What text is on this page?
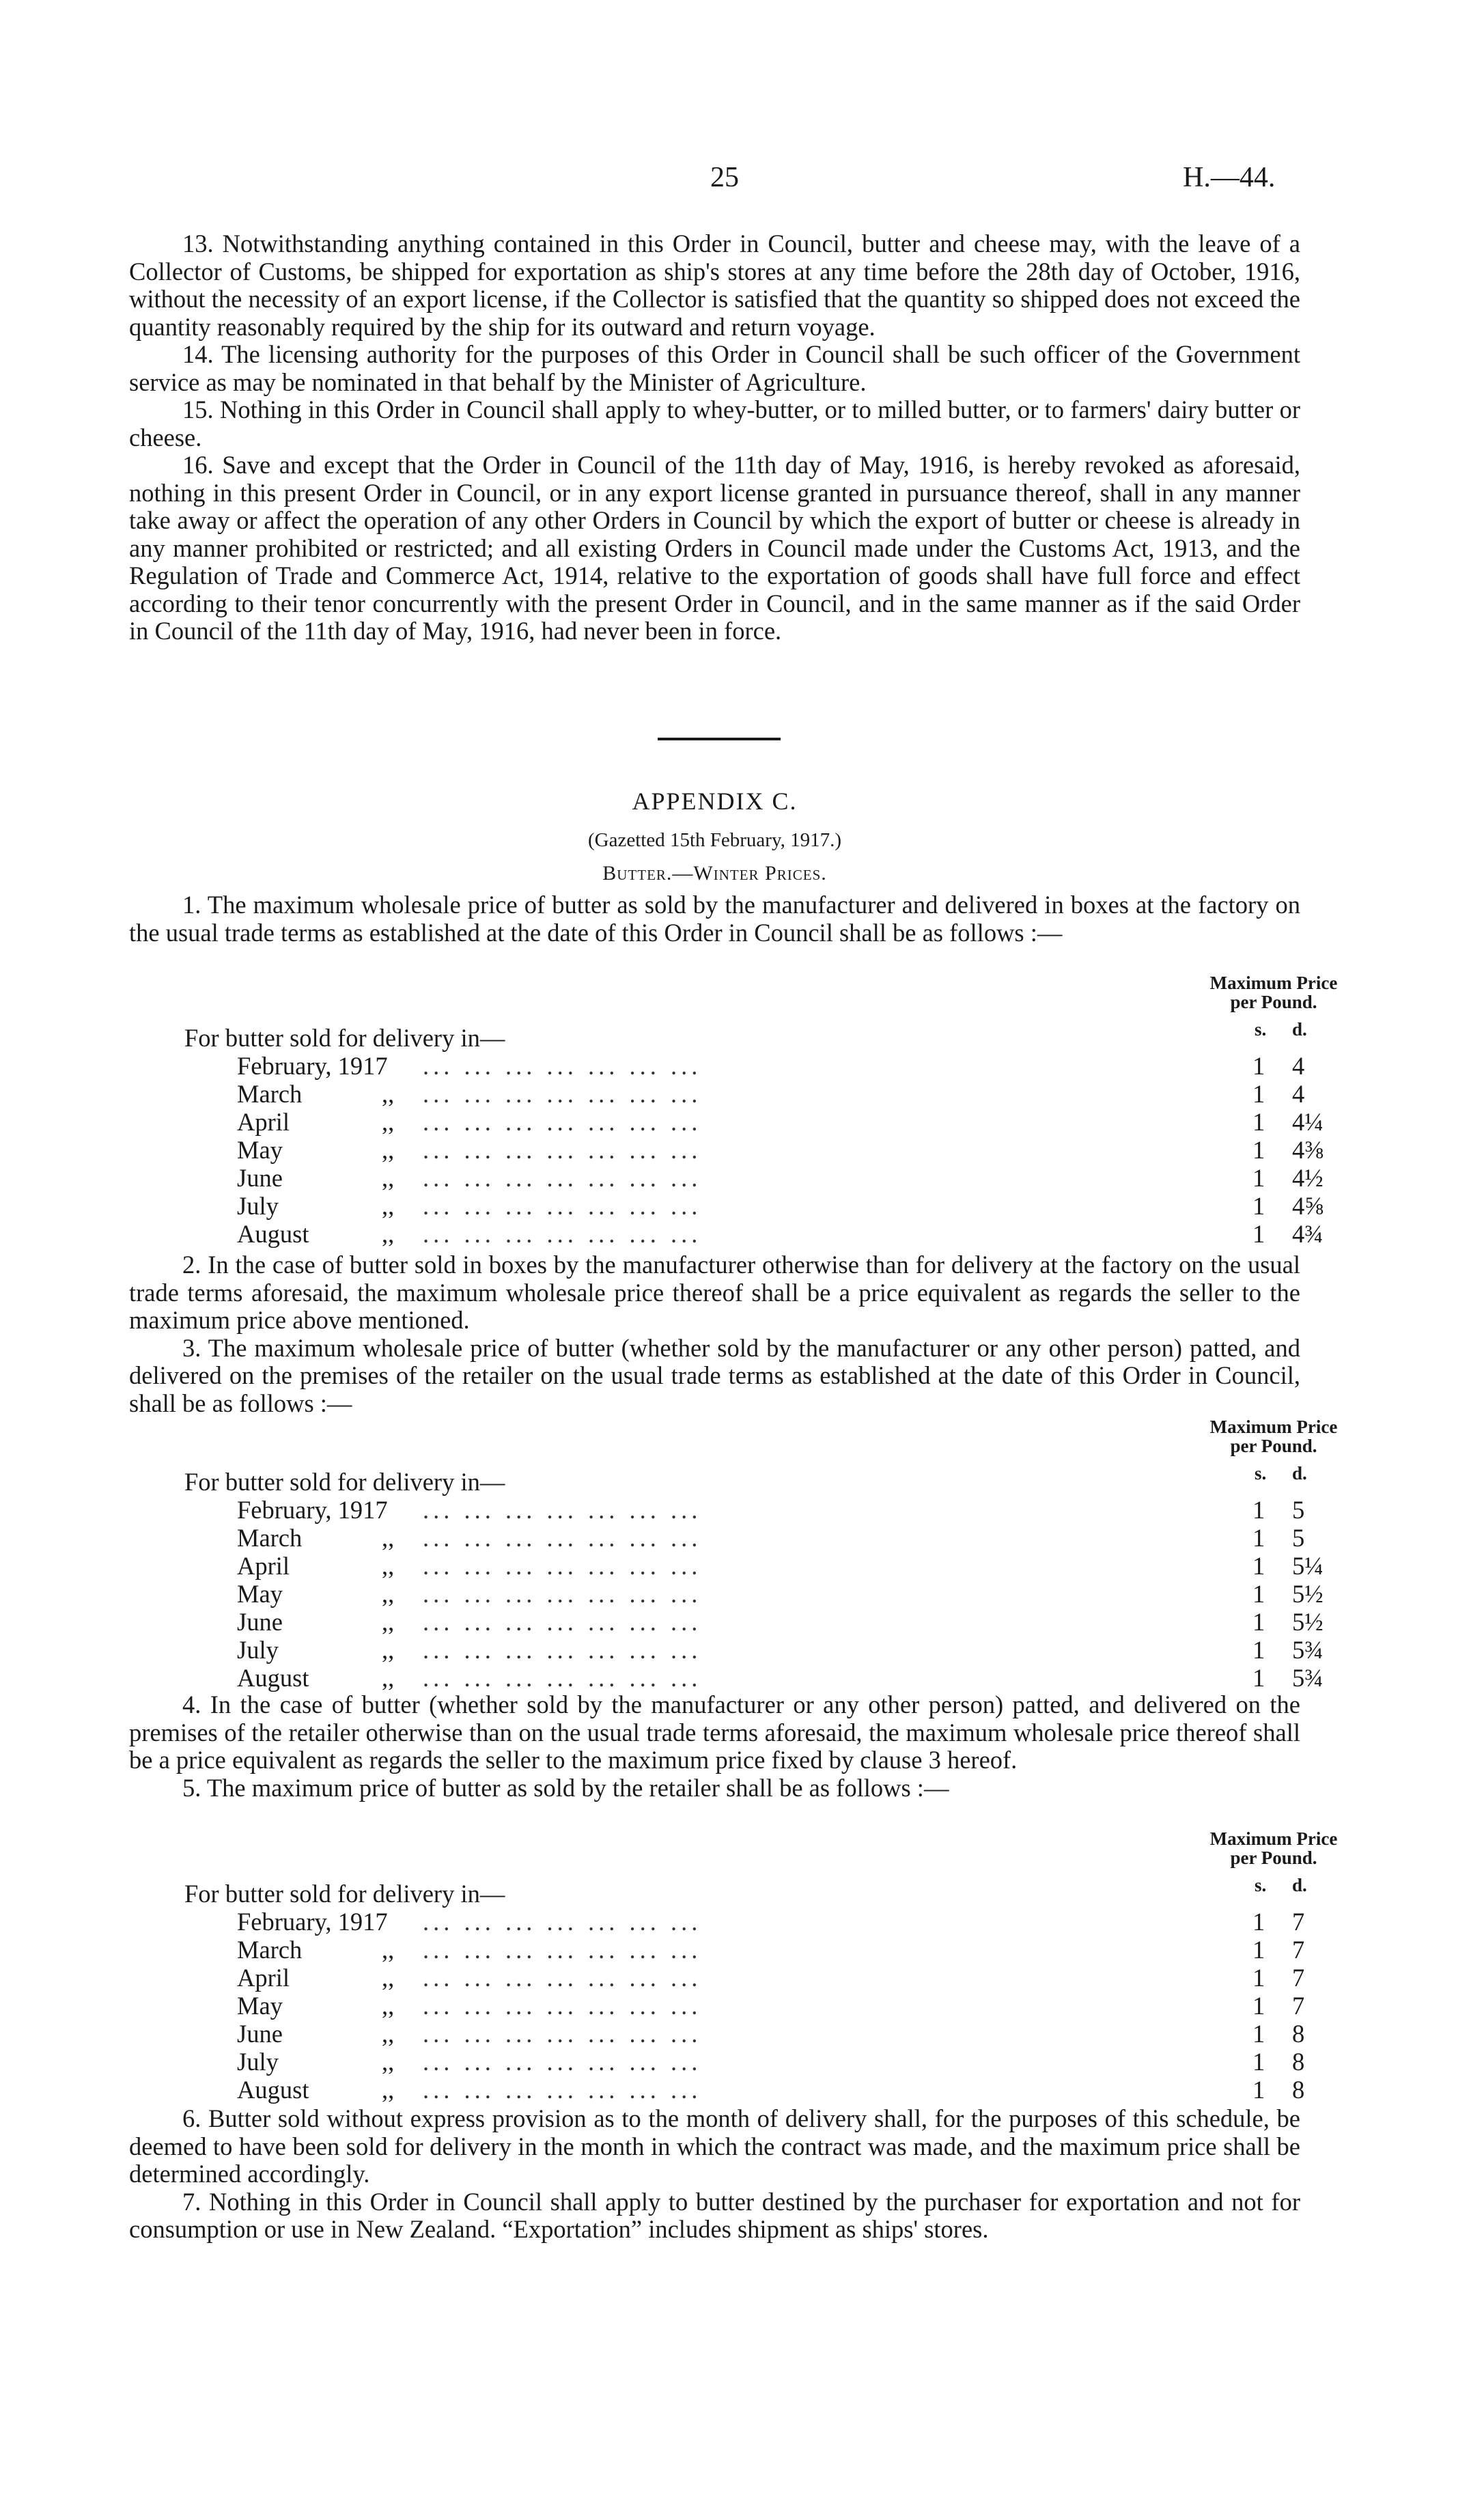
25	H.—44.

13. Notwithstanding anything contained in this Order in Council, butter and cheese may, with the leave of a Collector of Customs, be shipped for exportation as ship's stores at any time before the 28th day of October, 1916, without the necessity of an export license, if the Collector is satisfied that the quantity so shipped does not exceed the quantity reasonably required by the ship for its outward and return voyage.

14. The licensing authority for the purposes of this Order in Council shall be such officer of the Government service as may be nominated in that behalf by the Minister of Agriculture.

15. Nothing in this Order in Council shall apply to whey-butter, or to milled butter, or to farmers' dairy butter or cheese.

16. Save and except that the Order in Council of the 11th day of May, 1916, is hereby revoked as aforesaid, nothing in this present Order in Council, or in any export license granted in pursuance thereof, shall in any manner take away or affect the operation of any other Orders in Council by which the export of butter or cheese is already in any manner prohibited or restricted; and all existing Orders in Council made under the Customs Act, 1913, and the Regulation of Trade and Commerce Act, 1914, relative to the exportation of goods shall have full force and effect according to their tenor concurrently with the present Order in Council, and in the same manner as if the said Order in Council of the 11th day of May, 1916, had never been in force.

APPENDIX C.
(Gazetted 15th February, 1917.)
Butter.—Winter Prices.

1. The maximum wholesale price of butter as sold by the manufacturer and delivered in boxes at the factory on the usual trade terms as established at the date of this Order in Council shall be as follows :—

Maximum Price
per Pound.
s. d.
For butter sold for delivery in—
February, 1917 ... ... ... ... ... ... ...	1 4
March	,, ... ... ... ... ... ... ...	1 4
April	,, ... ... ... ... ... ... ...	1 4¼
May	,, ... ... ... ... ... ... ...	1 4⅜
June	,, ... ... ... ... ... ... ...	1 4½
July	,, ... ... ... ... ... ... ...	1 4⅝
August	,, ... ... ... ... ... ... ...	1 4¾

2. In the case of butter sold in boxes by the manufacturer otherwise than for delivery at the factory on the usual trade terms aforesaid, the maximum wholesale price thereof shall be a price equivalent as regards the seller to the maximum price above mentioned.

3. The maximum wholesale price of butter (whether sold by the manufacturer or any other person) patted, and delivered on the premises of the retailer on the usual trade terms as established at the date of this Order in Council, shall be as follows :—

Maximum Price
per Pound.
s. d.
For butter sold for delivery in—
February, 1917 ... ... ... ... ... ... ...	1 5
March	,, ... ... ... ... ... ... ...	1 5
April	,, ... ... ... ... ... ... ...	1 5¼
May	,, ... ... ... ... ... ... ...	1 5½
June	,, ... ... ... ... ... ... ...	1 5½
July	,, ... ... ... ... ... ... ...	1 5¾
August	,, ... ... ... ... ... ... ...	1 5¾

4. In the case of butter (whether sold by the manufacturer or any other person) patted, and delivered on the premises of the retailer otherwise than on the usual trade terms aforesaid, the maximum wholesale price thereof shall be a price equivalent as regards the seller to the maximum price fixed by clause 3 hereof.

5. The maximum price of butter as sold by the retailer shall be as follows :—

Maximum Price
per Pound.
s. d.
For butter sold for delivery in—
February, 1917 ... ... ... ... ... ... ...	1 7
March	,, ... ... ... ... ... ... ...	1 7
April	,, ... ... ... ... ... ... ...	1 7
May	,, ... ... ... ... ... ... ...	1 7
June	,, ... ... ... ... ... ... ...	1 8
July	,, ... ... ... ... ... ... ...	1 8
August	,, ... ... ... ... ... ... ...	1 8

6. Butter sold without express provision as to the month of delivery shall, for the purposes of this schedule, be deemed to have been sold for delivery in the month in which the contract was made, and the maximum price shall be determined accordingly.

7. Nothing in this Order in Council shall apply to butter destined by the purchaser for exportation and not for consumption or use in New Zealand. “Exportation” includes shipment as ships' stores.
